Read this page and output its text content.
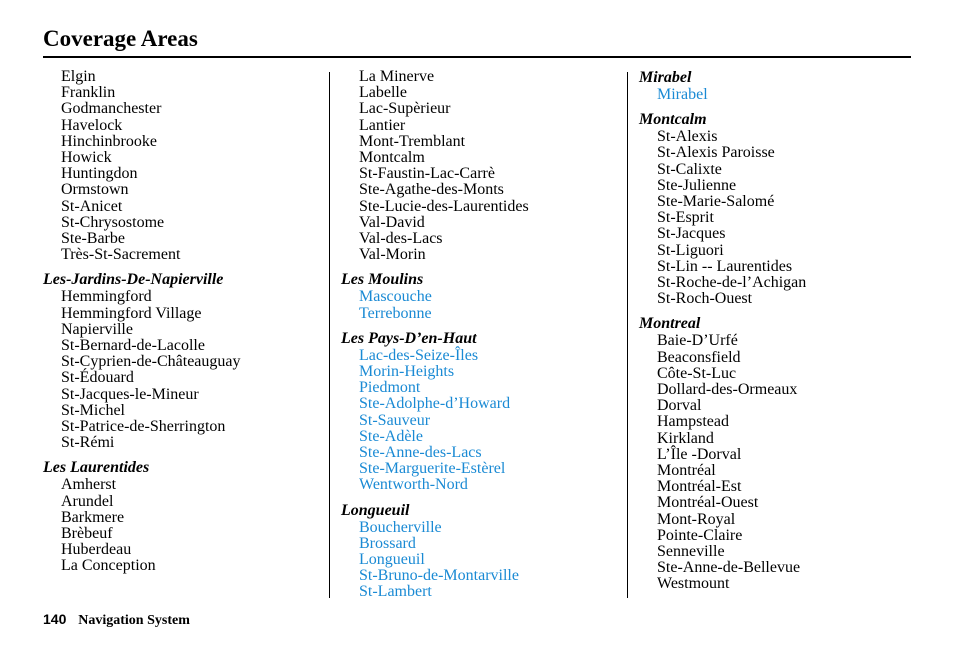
Coverage Areas
Elgin
Franklin
Godmanchester
Havelock
Hinchinbrooke
Howick
Huntingdon
Ormstown
St-Anicet
St-Chrysostome
Ste-Barbe
Très-St-Sacrement
Les-Jardins-De-Napierville
Hemmingford
Hemmingford Village
Napierville
St-Bernard-de-Lacolle
St-Cyprien-de-Châteauguay
St-Édouard
St-Jacques-le-Mineur
St-Michel
St-Patrice-de-Sherrington
St-Rémi
Les Laurentides
Amherst
Arundel
Barkmere
Brèbeuf
Huberdeau
La Conception
La Minerve
Labelle
Lac-Supèrieur
Lantier
Mont-Tremblant
Montcalm
St-Faustin-Lac-Carrè
Ste-Agathe-des-Monts
Ste-Lucie-des-Laurentides
Val-David
Val-des-Lacs
Val-Morin
Les Moulins
Mascouche
Terrebonne
Les Pays-D’en-Haut
Lac-des-Seize-Îles
Morin-Heights
Piedmont
Ste-Adolphe-d’Howard
St-Sauveur
Ste-Adèle
Ste-Anne-des-Lacs
Ste-Marguerite-Estèrel
Wentworth-Nord
Longueuil
Boucherville
Brossard
Longueuil
St-Bruno-de-Montarville
St-Lambert
Mirabel
Mirabel
Montcalm
St-Alexis
St-Alexis Paroisse
St-Calixte
Ste-Julienne
Ste-Marie-Salomé
St-Esprit
St-Jacques
St-Liguori
St-Lin -- Laurentides
St-Roche-de-l’Achigan
St-Roch-Ouest
Montreal
Baie-D’Urfé
Beaconsfield
Côte-St-Luc
Dollard-des-Ormeaux
Dorval
Hampstead
Kirkland
L’Île -Dorval
Montréal
Montréal-Est
Montréal-Ouest
Mont-Royal
Pointe-Claire
Senneville
Ste-Anne-de-Bellevue
Westmount
140 Navigation System
